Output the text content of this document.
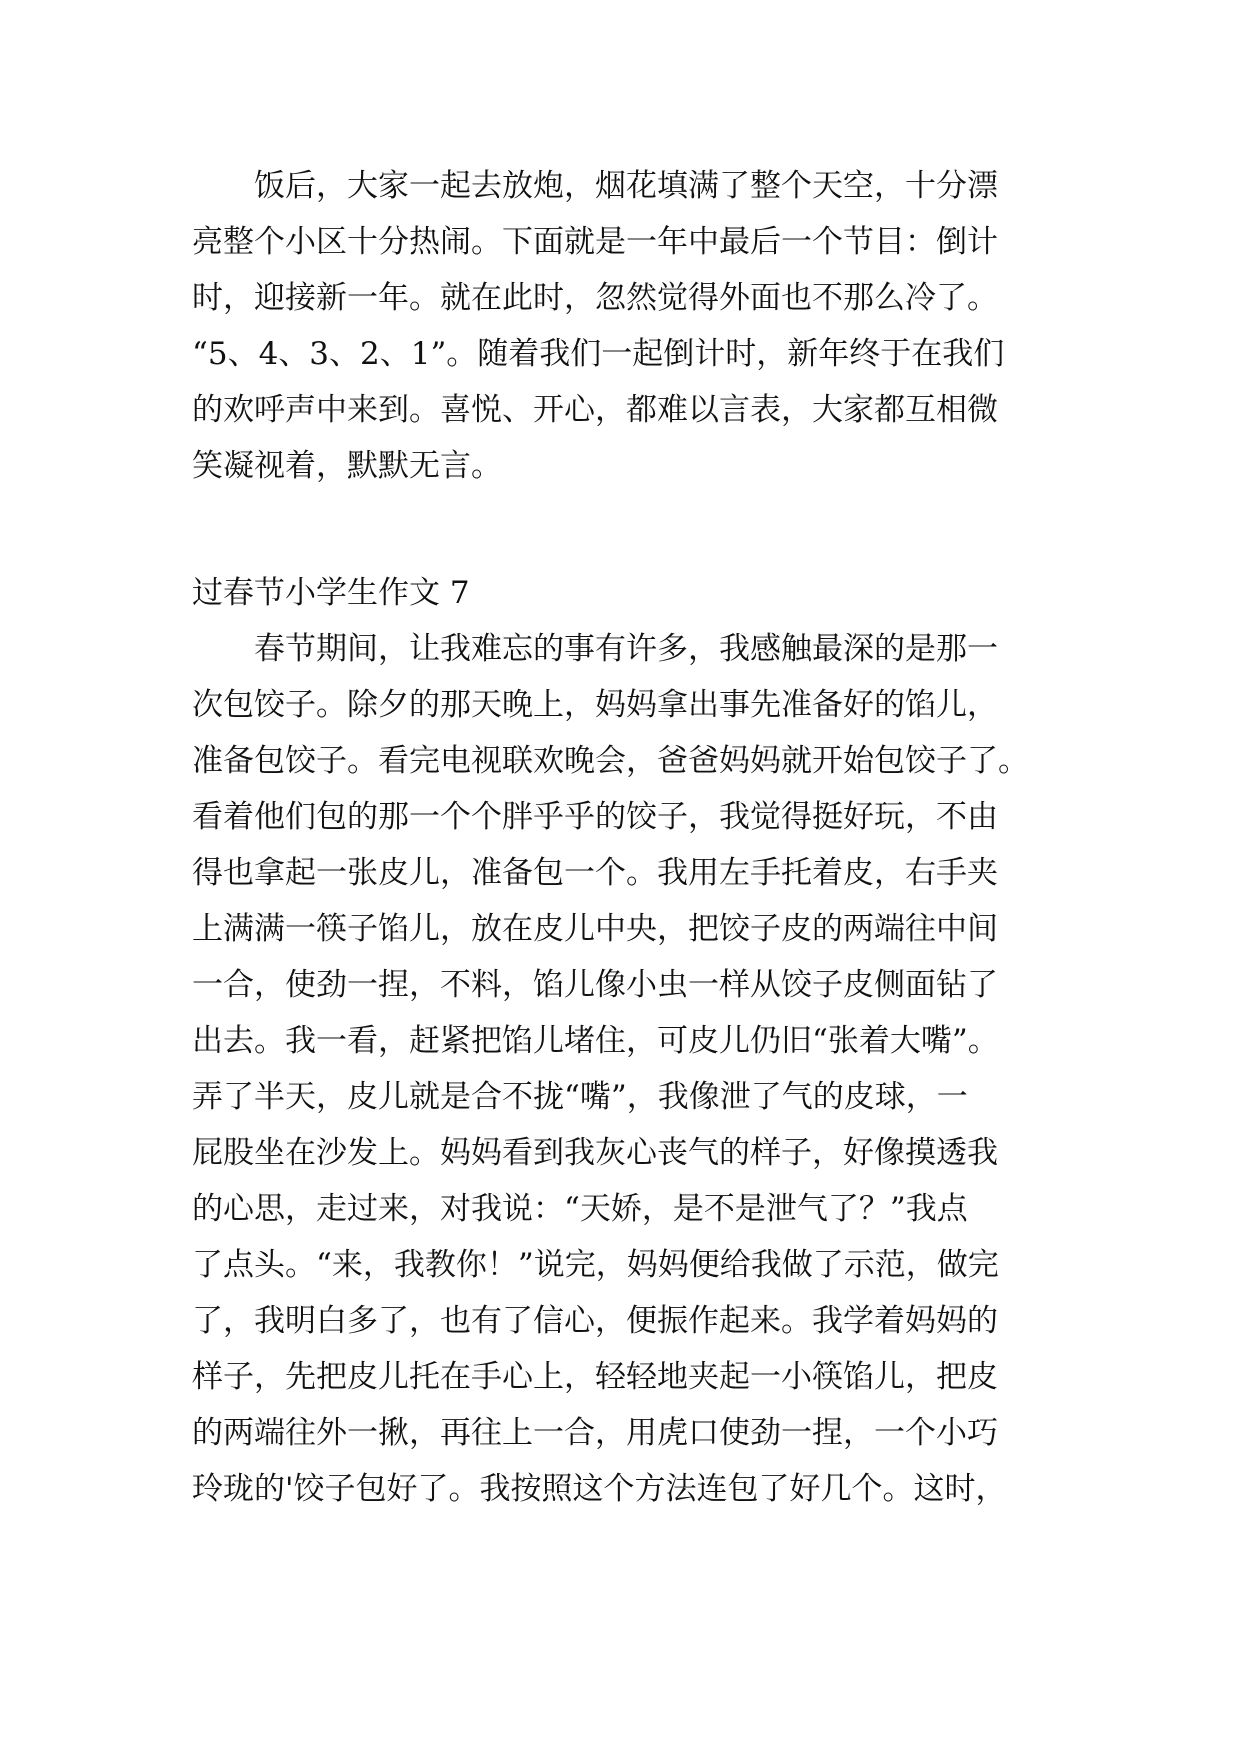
　　饭后，大家一起去放炮，烟花填满了整个天空，十分漂
亮整个小区十分热闹。下面就是一年中最后一个节目：倒计
时，迎接新一年。就在此时，忽然觉得外面也不那么冷了。
“5、4、3、2、1”。随着我们一起倒计时，新年终于在我们
的欢呼声中来到。喜悦、开心，都难以言表，大家都互相微
笑凝视着，默默无言。
过春节小学生作文 7
　　春节期间，让我难忘的事有许多，我感触最深的是那一
次包饺子。除夕的那天晚上，妈妈拿出事先准备好的馅儿，
准备包饺子。看完电视联欢晚会，爸爸妈妈就开始包饺子了。
看着他们包的那一个个胖乎乎的饺子，我觉得挺好玩，不由
得也拿起一张皮儿，准备包一个。我用左手托着皮，右手夹
上满满一筷子馅儿，放在皮儿中央，把饺子皮的两端往中间
一合，使劲一捏，不料，馅儿像小虫一样从饺子皮侧面钻了
出去。我一看，赶紧把馅儿堵住，可皮儿仍旧“张着大嘴”。
弄了半天，皮儿就是合不拢“嘴”，我像泄了气的皮球，一
屁股坐在沙发上。妈妈看到我灰心丧气的样子，好像摸透我
的心思，走过来，对我说：“天娇，是不是泄气了？”我点
了点头。“来，我教你！”说完，妈妈便给我做了示范，做完
了，我明白多了，也有了信心，便振作起来。我学着妈妈的
样子，先把皮儿托在手心上，轻轻地夹起一小筷馅儿，把皮
的两端往外一揪，再往上一合，用虎口使劲一捏，一个小巧
玲珑的'饺子包好了。我按照这个方法连包了好几个。这时，
